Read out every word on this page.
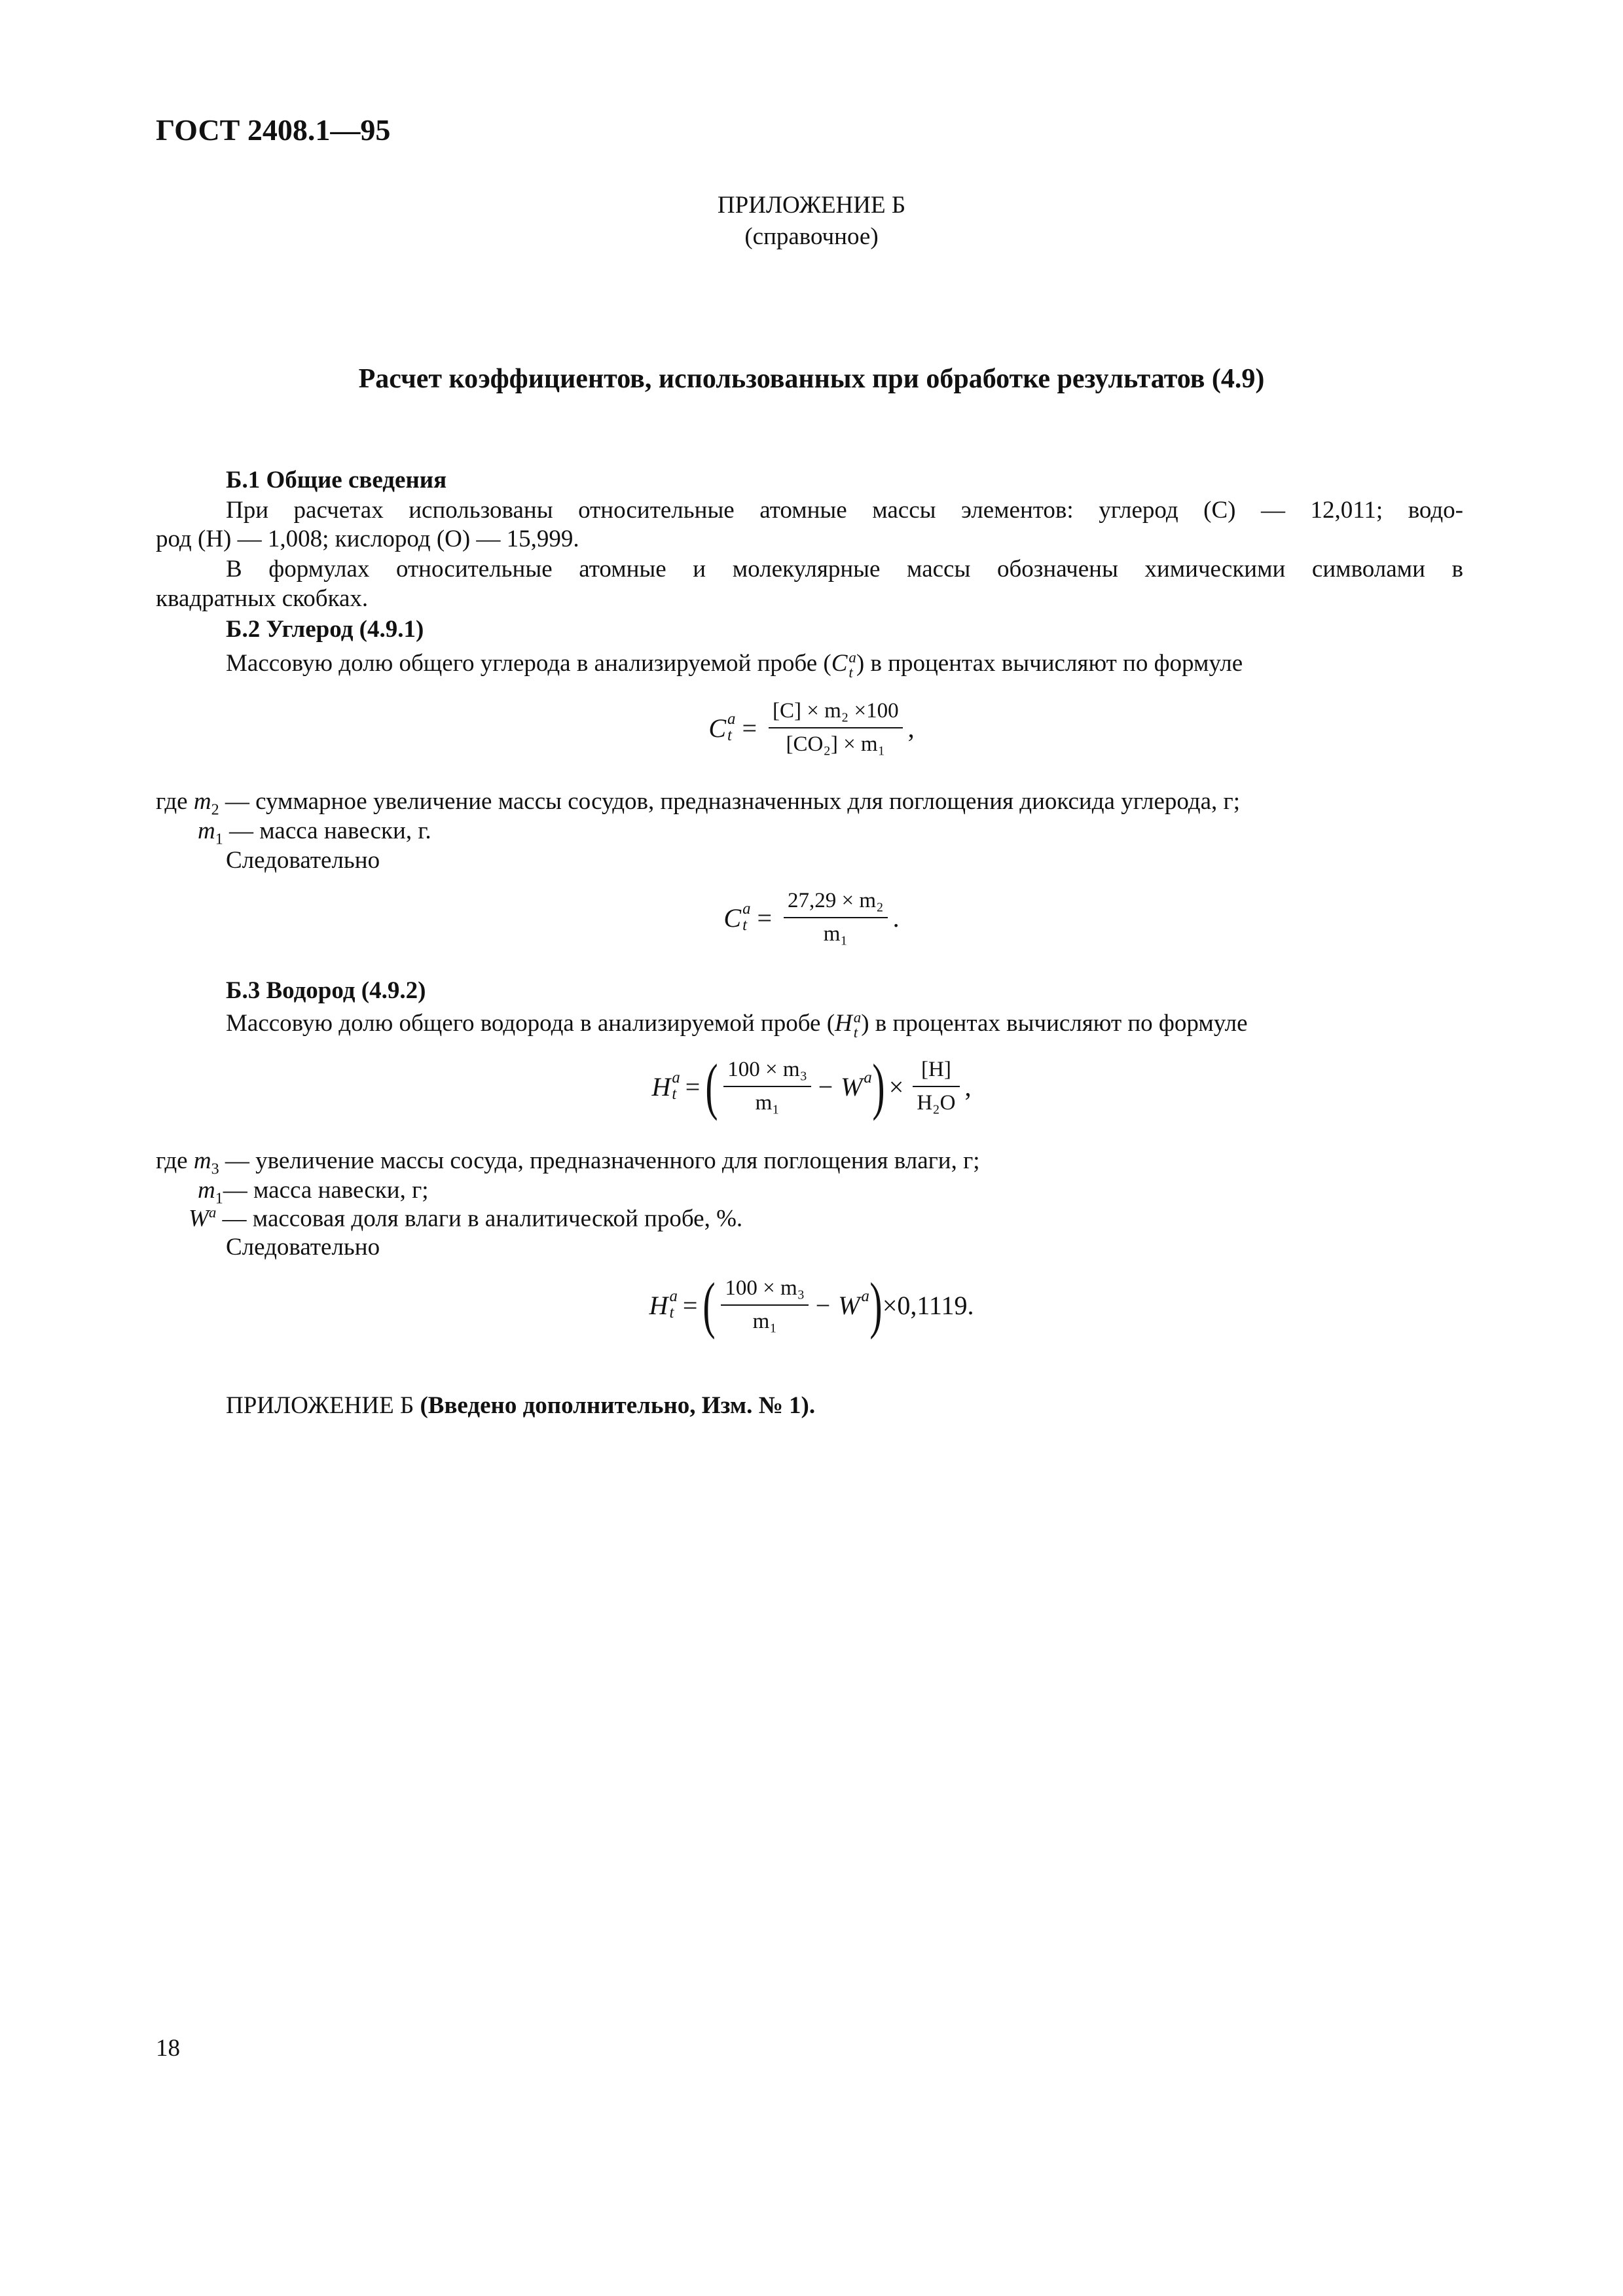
ГОСТ 2408.1—95
ПРИЛОЖЕНИЕ Б
(справочное)
Расчет коэффициентов, использованных при обработке результатов (4.9)
Б.1 Общие сведения
При расчетах использованы относительные атомные массы элементов: углерод (C) — 12,011; водо-
род (H) — 1,008; кислород (O) — 15,999.
В формулах относительные атомные и молекулярные массы обозначены химическими символами в
квадратных скобках.
Б.2 Углерод (4.9.1)
Массовую долю общего углерода в анализируемой пробе (C a
t ) в процентах вычисляют по формуле
C a
$t = \frac{\text{[C] × m₂ ×100}}{\text{[CO₂] × m₁}}$ ,
где $m_2$ — суммарное увеличение массы сосудов, предназначенных для поглощения диоксида углерода, г;
$m_1$ — масса навески, г.
Следовательно
C a
$t = \frac{\text{27,29 × m₂}}{\text{m₁}}$ .
Б.3 Водород (4.9.2)
Массовую долю общего водорода в анализируемой пробе (H a
t ) в процентах вычисляют по формуле
H a
t = ( $\frac{\text{100 × m₃}}{\text{m₁}} - W$ a
) × $\frac{[H]}{\text{H₂O}}$ ,
где $m_3$ — увеличение массы сосуда, предназначенного для поглощения влаги, г;
$m_1—$ масса навески, г;
$W^a$ — массовая доля влаги в аналитической пробе, %.
Следовательно
H a
t = ( $\frac{\text{100 × m₃}}{\text{m₁}} - W$ a
) ×0,1119.
ПРИЛОЖЕНИЕ Б (Введено дополнительно, Изм. № 1).
18
